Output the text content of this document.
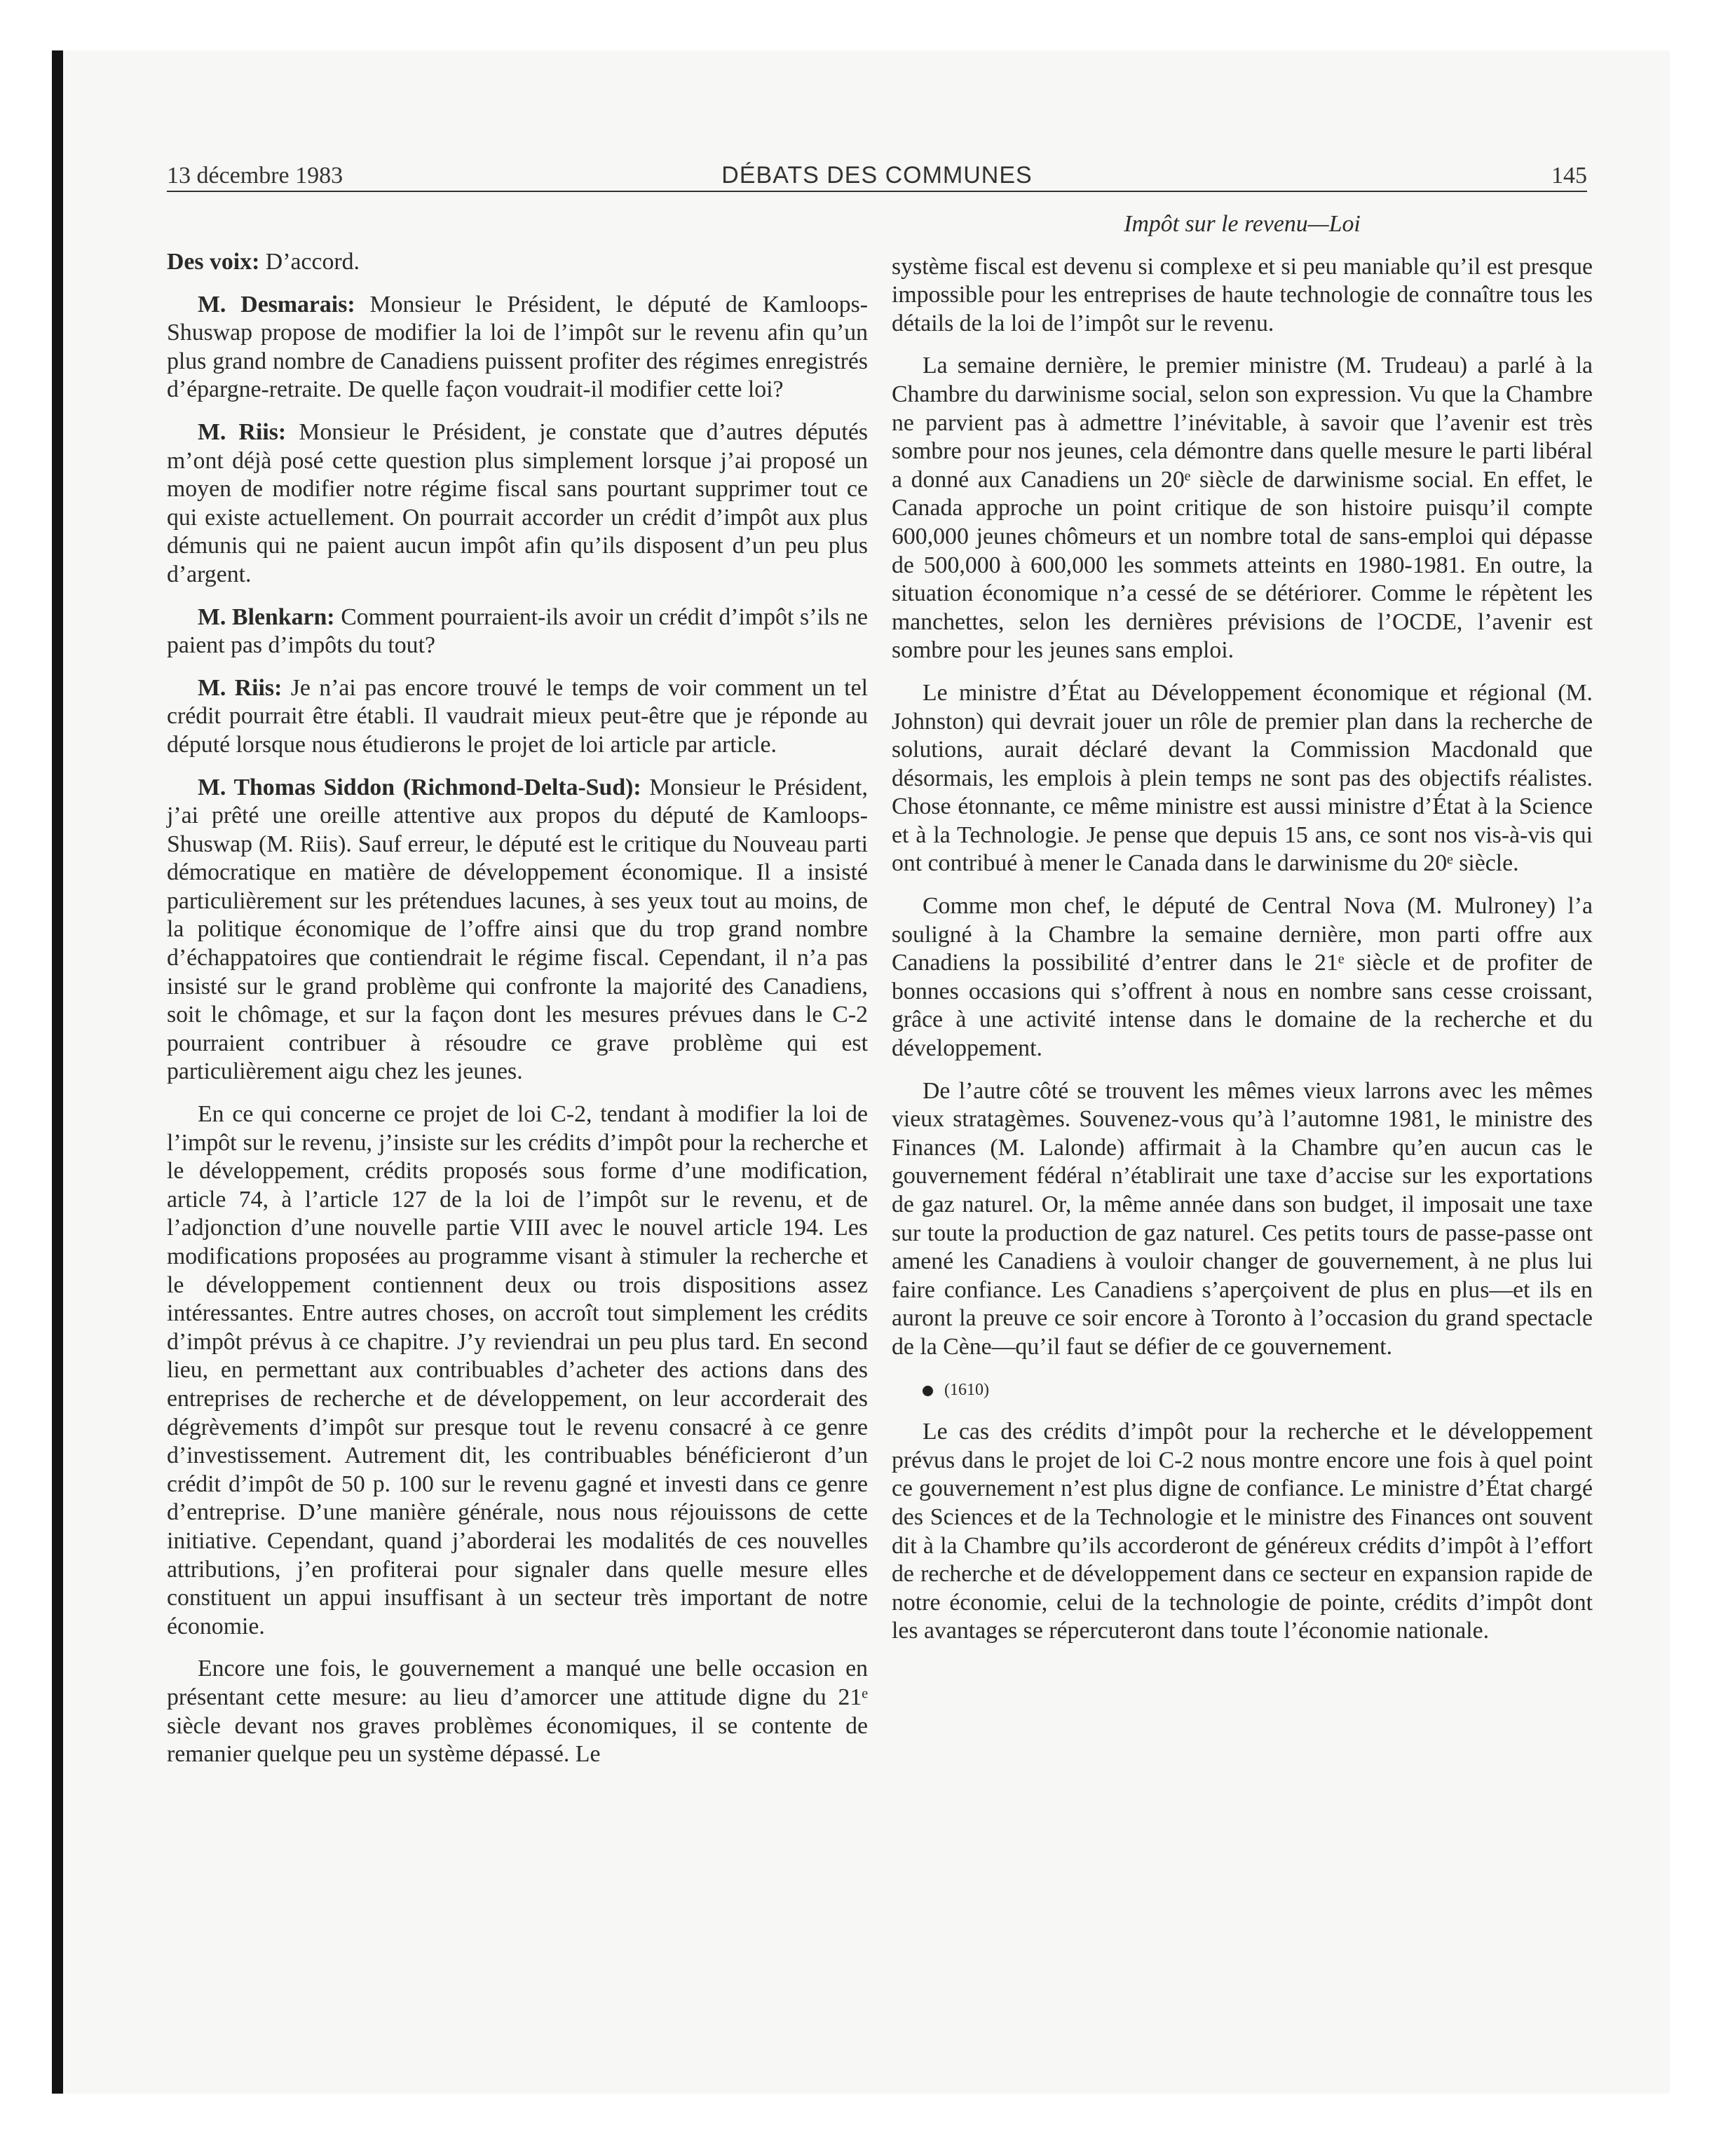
13 décembre 1983	DÉBATS DES COMMUNES	145

Des voix: D’accord.

M. Desmarais: Monsieur le Président, le député de Kamloops-Shuswap propose de modifier la loi de l’impôt sur le revenu afin qu’un plus grand nombre de Canadiens puissent profiter des régimes enregistrés d’épargne-retraite. De quelle façon voudrait-il modifier cette loi?

M. Riis: Monsieur le Président, je constate que d’autres députés m’ont déjà posé cette question plus simplement lorsque j’ai proposé un moyen de modifier notre régime fiscal sans pourtant supprimer tout ce qui existe actuellement. On pourrait accorder un crédit d’impôt aux plus démunis qui ne paient aucun impôt afin qu’ils disposent d’un peu plus d’argent.

M. Blenkarn: Comment pourraient-ils avoir un crédit d’impôt s’ils ne paient pas d’impôts du tout?

M. Riis: Je n’ai pas encore trouvé le temps de voir comment un tel crédit pourrait être établi. Il vaudrait mieux peut-être que je réponde au député lorsque nous étudierons le projet de loi article par article.

M. Thomas Siddon (Richmond-Delta-Sud): Monsieur le Président, j’ai prêté une oreille attentive aux propos du député de Kamloops-Shuswap (M. Riis). Sauf erreur, le député est le critique du Nouveau parti démocratique en matière de développement économique. Il a insisté particulièrement sur les prétendues lacunes, à ses yeux tout au moins, de la politique économique de l’offre ainsi que du trop grand nombre d’échappatoires que contiendrait le régime fiscal. Cependant, il n’a pas insisté sur le grand problème qui confronte la majorité des Canadiens, soit le chômage, et sur la façon dont les mesures prévues dans le C-2 pourraient contribuer à résoudre ce grave problème qui est particulièrement aigu chez les jeunes.

En ce qui concerne ce projet de loi C-2, tendant à modifier la loi de l’impôt sur le revenu, j’insiste sur les crédits d’impôt pour la recherche et le développement, crédits proposés sous forme d’une modification, article 74, à l’article 127 de la loi de l’impôt sur le revenu, et de l’adjonction d’une nouvelle partie VIII avec le nouvel article 194. Les modifications proposées au programme visant à stimuler la recherche et le développement contiennent deux ou trois dispositions assez intéressantes. Entre autres choses, on accroît tout simplement les crédits d’impôt prévus à ce chapitre. J’y reviendrai un peu plus tard. En second lieu, en permettant aux contribuables d’acheter des actions dans des entreprises de recherche et de développement, on leur accorderait des dégrèvements d’impôt sur presque tout le revenu consacré à ce genre d’investissement. Autrement dit, les contribuables bénéficieront d’un crédit d’impôt de 50 p. 100 sur le revenu gagné et investi dans ce genre d’entreprise. D’une manière générale, nous nous réjouissons de cette initiative. Cependant, quand j’aborderai les modalités de ces nouvelles attributions, j’en profiterai pour signaler dans quelle mesure elles constituent un appui insuffisant à un secteur très important de notre économie.

Encore une fois, le gouvernement a manqué une belle occasion en présentant cette mesure: au lieu d’amorcer une attitude digne du 21ᵉ siècle devant nos graves problèmes économiques, il se contente de remanier quelque peu un système dépassé. Le

Impôt sur le revenu—Loi

système fiscal est devenu si complexe et si peu maniable qu’il est presque impossible pour les entreprises de haute technologie de connaître tous les détails de la loi de l’impôt sur le revenu.

La semaine dernière, le premier ministre (M. Trudeau) a parlé à la Chambre du darwinisme social, selon son expression. Vu que la Chambre ne parvient pas à admettre l’inévitable, à savoir que l’avenir est très sombre pour nos jeunes, cela démontre dans quelle mesure le parti libéral a donné aux Canadiens un 20ᵉ siècle de darwinisme social. En effet, le Canada approche un point critique de son histoire puisqu’il compte 600,000 jeunes chômeurs et un nombre total de sans-emploi qui dépasse de 500,000 à 600,000 les sommets atteints en 1980-1981. En outre, la situation économique n’a cessé de se détériorer. Comme le répètent les manchettes, selon les dernières prévisions de l’OCDE, l’avenir est sombre pour les jeunes sans emploi.

Le ministre d’État au Développement économique et régional (M. Johnston) qui devrait jouer un rôle de premier plan dans la recherche de solutions, aurait déclaré devant la Commission Macdonald que désormais, les emplois à plein temps ne sont pas des objectifs réalistes. Chose étonnante, ce même ministre est aussi ministre d’État à la Science et à la Technologie. Je pense que depuis 15 ans, ce sont nos vis-à-vis qui ont contribué à mener le Canada dans le darwinisme du 20ᵉ siècle.

Comme mon chef, le député de Central Nova (M. Mulroney) l’a souligné à la Chambre la semaine dernière, mon parti offre aux Canadiens la possibilité d’entrer dans le 21ᵉ siècle et de profiter de bonnes occasions qui s’offrent à nous en nombre sans cesse croissant, grâce à une activité intense dans le domaine de la recherche et du développement.

De l’autre côté se trouvent les mêmes vieux larrons avec les mêmes vieux stratagèmes. Souvenez-vous qu’à l’automne 1981, le ministre des Finances (M. Lalonde) affirmait à la Chambre qu’en aucun cas le gouvernement fédéral n’établirait une taxe d’accise sur les exportations de gaz naturel. Or, la même année dans son budget, il imposait une taxe sur toute la production de gaz naturel. Ces petits tours de passe-passe ont amené les Canadiens à vouloir changer de gouvernement, à ne plus lui faire confiance. Les Canadiens s’aperçoivent de plus en plus—et ils en auront la preuve ce soir encore à Toronto à l’occasion du grand spectacle de la Cène—qu’il faut se défier de ce gouvernement.

(1610)

Le cas des crédits d’impôt pour la recherche et le développement prévus dans le projet de loi C-2 nous montre encore une fois à quel point ce gouvernement n’est plus digne de confiance. Le ministre d’État chargé des Sciences et de la Technologie et le ministre des Finances ont souvent dit à la Chambre qu’ils accorderont de généreux crédits d’impôt à l’effort de recherche et de développement dans ce secteur en expansion rapide de notre économie, celui de la technologie de pointe, crédits d’impôt dont les avantages se répercuteront dans toute l’économie nationale.
